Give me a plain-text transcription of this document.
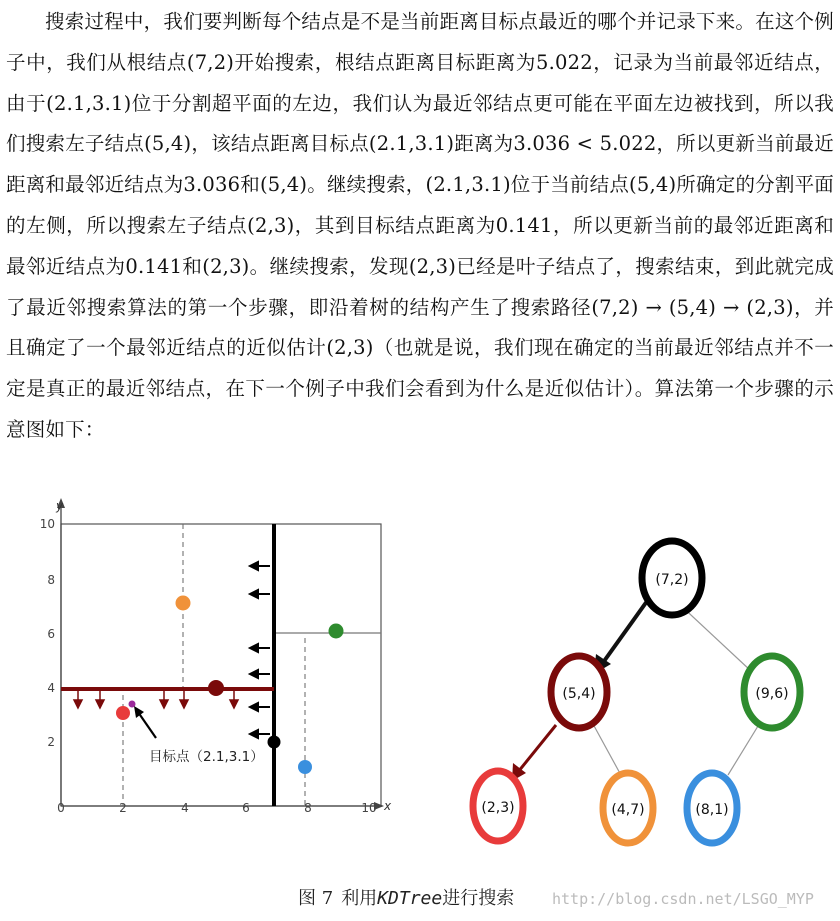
搜索过程中，我们要判断每个结点是不是当前距离目标点最近的哪个并记录下来。在这个例子中，我们从根结点(7,2)开始搜索，根结点距离目标距离为5.022，记录为当前最邻近结点，由于(2.1,3.1)位于分割超平面的左边，我们认为最近邻结点更可能在平面左边被找到，所以我们搜索左子结点(5,4)，该结点距离目标点(2.1,3.1)距离为3.036 < 5.022，所以更新当前最近距离和最邻近结点为3.036和(5,4)。继续搜索，(2.1,3.1)位于当前结点(5,4)所确定的分割平面的左侧，所以搜索左子结点(2,3)，其到目标结点距离为0.141，所以更新当前的最邻近距离和最邻近结点为0.141和(2,3)。继续搜索，发现(2,3)已经是叶子结点了，搜索结束，到此就完成了最近邻搜索算法的第一个步骤，即沿着树的结构产生了搜索路径(7,2) → (5,4) → (2,3)，并且确定了一个最邻近结点的近似估计(2,3)（也就是说，我们现在确定的当前最近邻结点并不一定是真正的最近邻结点，在下一个例子中我们会看到为什么是近似估计）。算法第一个步骤的示意图如下：

y
x
0	2	4	6	8	10
2
4
6
8
10
目标点（2.1,3.1）
(7,2)
(5,4)	(9,6)
(2,3)	(4,7)	(8,1)
图 7 利用KDTree进行搜索	http://blog.csdn.net/LSGO_MYP
